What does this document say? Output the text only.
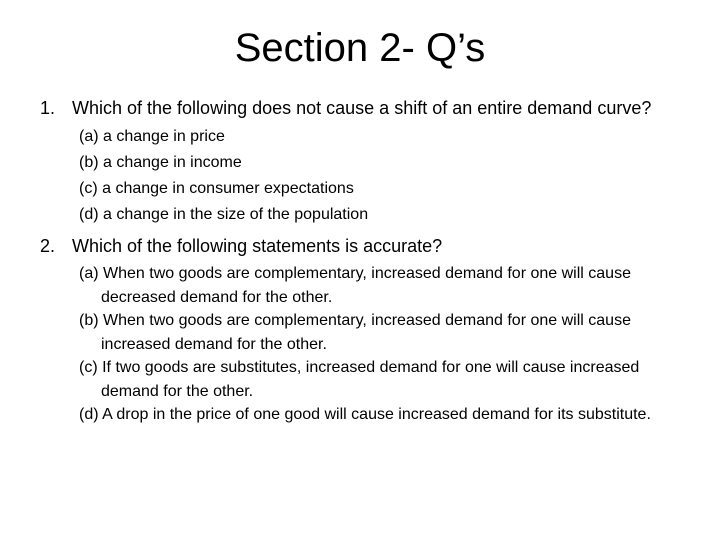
Section 2- Q’s
1. Which of the following does not cause a shift of an entire demand curve?
(a) a change in price
(b) a change in income
(c) a change in consumer expectations
(d) a change in the size of the population
2. Which of the following statements is accurate?
(a) When two goods are complementary, increased demand for one will cause decreased demand for the other.
(b) When two goods are complementary, increased demand for one will cause increased demand for the other.
(c) If two goods are substitutes, increased demand for one will cause increased demand for the other.
(d) A drop in the price of one good will cause increased demand for its substitute.
